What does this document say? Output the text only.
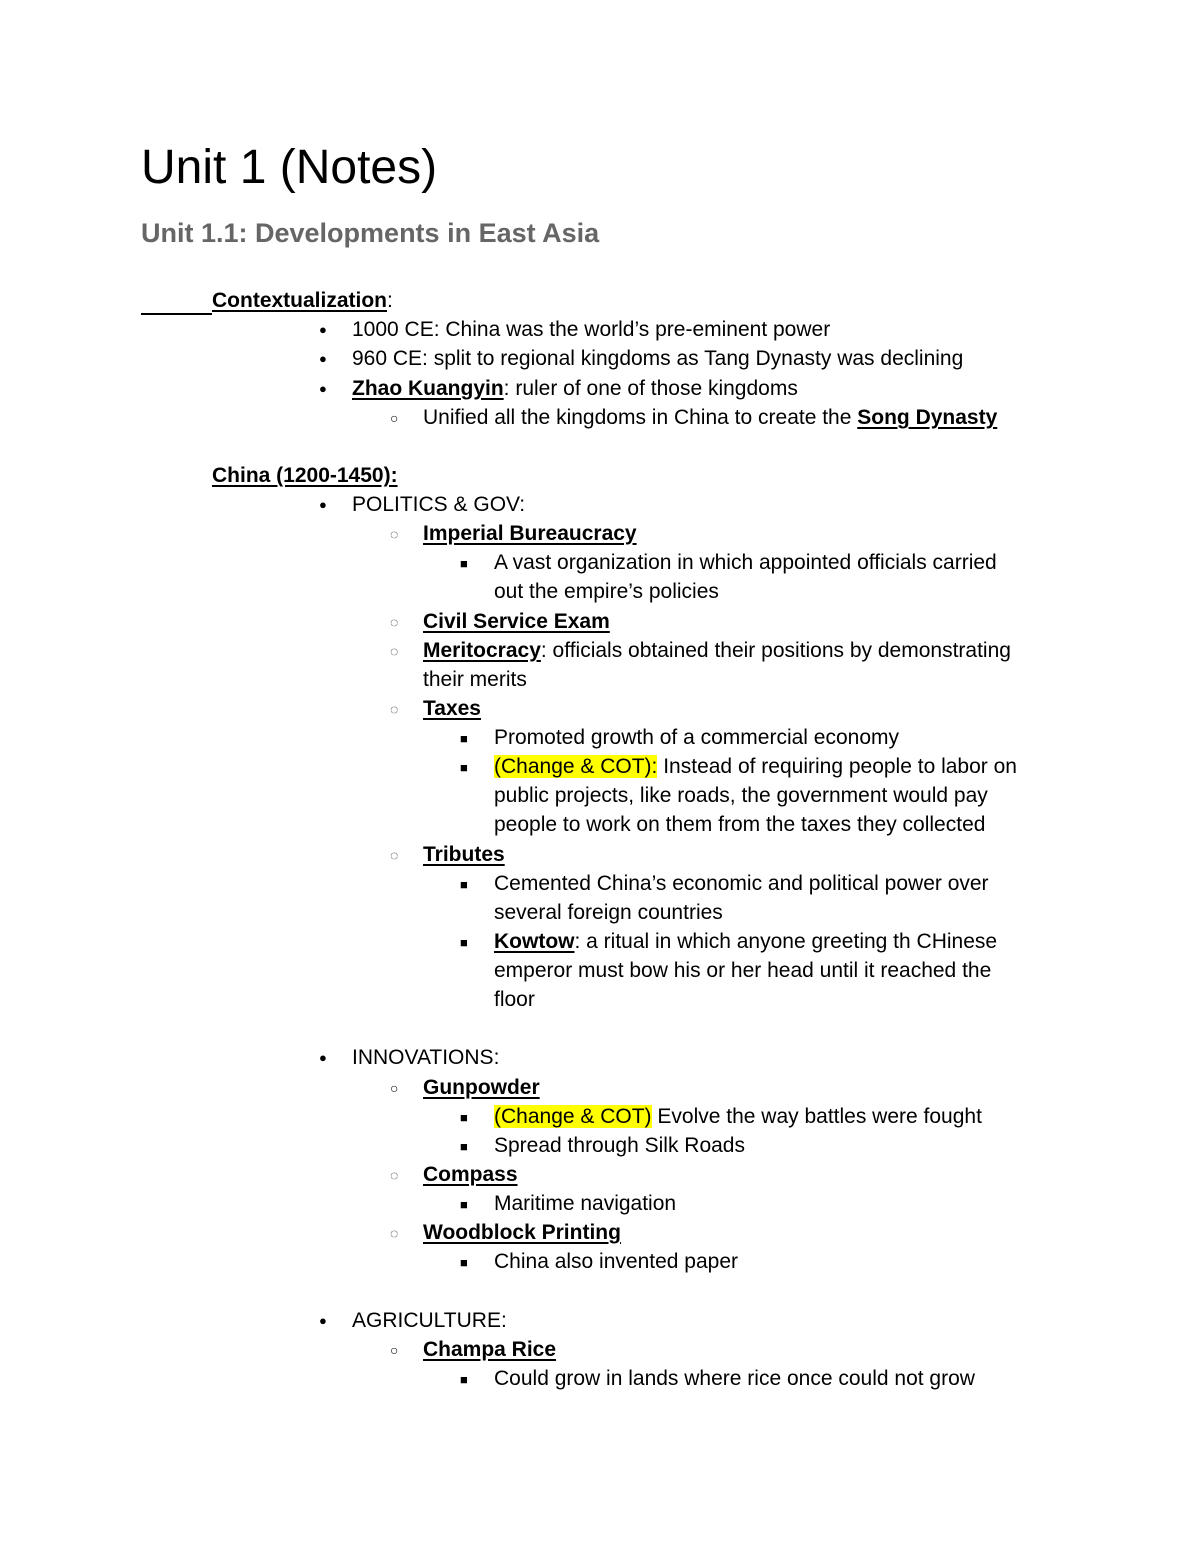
Unit 1 (Notes)
Unit 1.1: Developments in East Asia
Contextualization:
● 1000 CE: China was the world’s pre-eminent power
● 960 CE: split to regional kingdoms as Tang Dynasty was declining
● Zhao Kuangyin: ruler of one of those kingdoms
○ Unified all the kingdoms in China to create the Song Dynasty
China (1200-1450):
● POLITICS & GOV:
◌ Imperial Bureaucracy
■ A vast organization in which appointed officials carried
out the empire’s policies
◌ Civil Service Exam
◌ Meritocracy: officials obtained their positions by demonstrating
their merits
◌ Taxes
■ Promoted growth of a commercial economy
■ (Change & COT): Instead of requiring people to labor on
public projects, like roads, the government would pay
people to work on them from the taxes they collected
◌ Tributes
■ Cemented China’s economic and political power over
several foreign countries
■ Kowtow: a ritual in which anyone greeting th CHinese
emperor must bow his or her head until it reached the
floor
● INNOVATIONS:
○ Gunpowder
■ (Change & COT) Evolve the way battles were fought
■ Spread through Silk Roads
◌ Compass
■ Maritime navigation
◌ Woodblock Printing
■ China also invented paper
● AGRICULTURE:
○ Champa Rice
■ Could grow in lands where rice once could not grow
